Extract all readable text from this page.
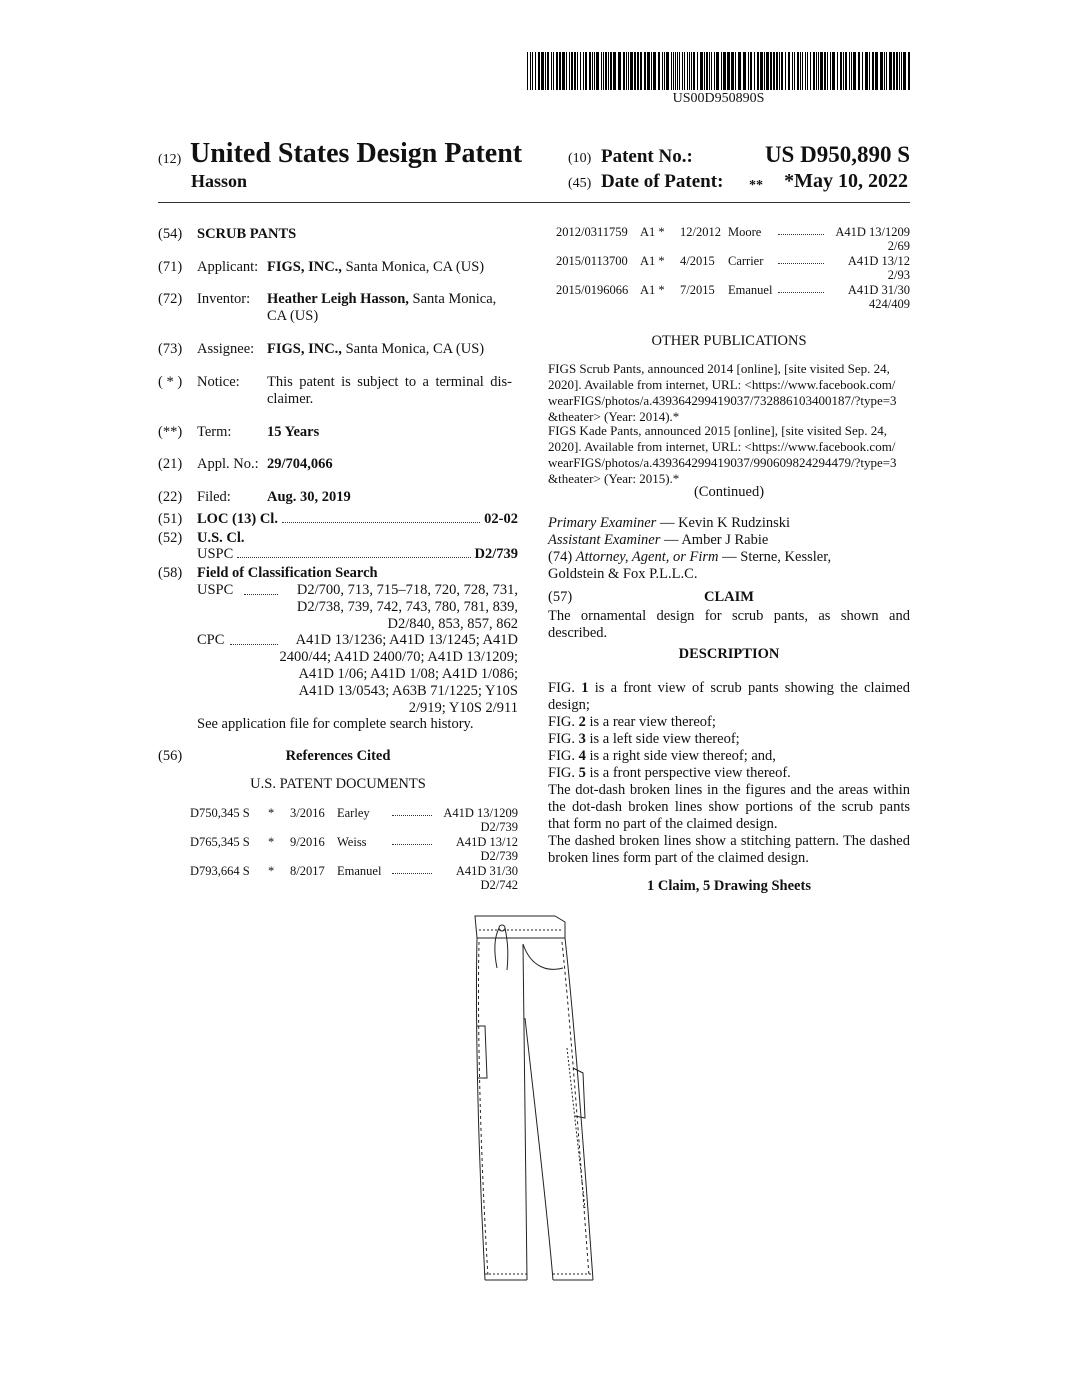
US00D950890S
(12) United States Design Patent
Hasson
(10) Patent No.:	US D950,890 S
(45) Date of Patent: ** *May 10, 2022
(54) SCRUB PANTS
(71) Applicant: FIGS, INC., Santa Monica, CA (US)
(72) Inventor: Heather Leigh Hasson, Santa Monica, CA (US)
(73) Assignee: FIGS, INC., Santa Monica, CA (US)
( * ) Notice: This patent is subject to a terminal dis-claimer.
(**) Term: 15 Years
(21) Appl. No.: 29/704,066
(22) Filed: Aug. 30, 2019
(51) LOC (13) Cl.	02-02
(52) U.S. Cl.
USPC	D2/739
(58) Field of Classification Search
USPC	D2/700, 713, 715–718, 720, 728, 731,
D2/738, 739, 742, 743, 780, 781, 839,
D2/840, 853, 857, 862
CPC	A41D 13/1236; A41D 13/1245; A41D
2400/44; A41D 2400/70; A41D 13/1209;
A41D 1/06; A41D 1/08; A41D 1/086;
A41D 13/0543; A63B 71/1225; Y10S
2/919; Y10S 2/911
See application file for complete search history.
(56)	References Cited
U.S. PATENT DOCUMENTS
D750,345 S * 3/2016 Earley	A41D 13/1209
D2/739
D765,345 S * 9/2016 Weiss	A41D 13/12
D2/739
D793,664 S * 8/2017 Emanuel	A41D 31/30
D2/742
2012/0311759 A1 * 12/2012 Moore	A41D 13/1209
2/69
2015/0113700 A1 * 4/2015 Carrier	A41D 13/12
2/93
2015/0196066 A1 * 7/2015 Emanuel	A41D 31/30
424/409
OTHER PUBLICATIONS
FIGS Scrub Pants, announced 2014 [online], [site visited Sep. 24,
2020]. Available from internet, URL: <https://www.facebook.com/
wearFIGS/photos/a.439364299419037/732886103400187/?type=3
&theater> (Year: 2014).*
FIGS Kade Pants, announced 2015 [online], [site visited Sep. 24,
2020]. Available from internet, URL: <https://www.facebook.com/
wearFIGS/photos/a.439364299419037/990609824294479/?type=3
&theater> (Year: 2015).*
(Continued)
Primary Examiner — Kevin K Rudzinski
Assistant Examiner — Amber J Rabie
(74) Attorney, Agent, or Firm — Sterne, Kessler,
Goldstein & Fox P.L.L.C.
(57)	CLAIM
The ornamental design for scrub pants, as shown and described.
DESCRIPTION
FIG. 1 is a front view of scrub pants showing the claimed design;
FIG. 2 is a rear view thereof;
FIG. 3 is a left side view thereof;
FIG. 4 is a right side view thereof; and,
FIG. 5 is a front perspective view thereof.
The dot-dash broken lines in the figures and the areas within the dot-dash broken lines show portions of the scrub pants that form no part of the claimed design.
The dashed broken lines show a stitching pattern. The dashed broken lines form part of the claimed design.
1 Claim, 5 Drawing Sheets
